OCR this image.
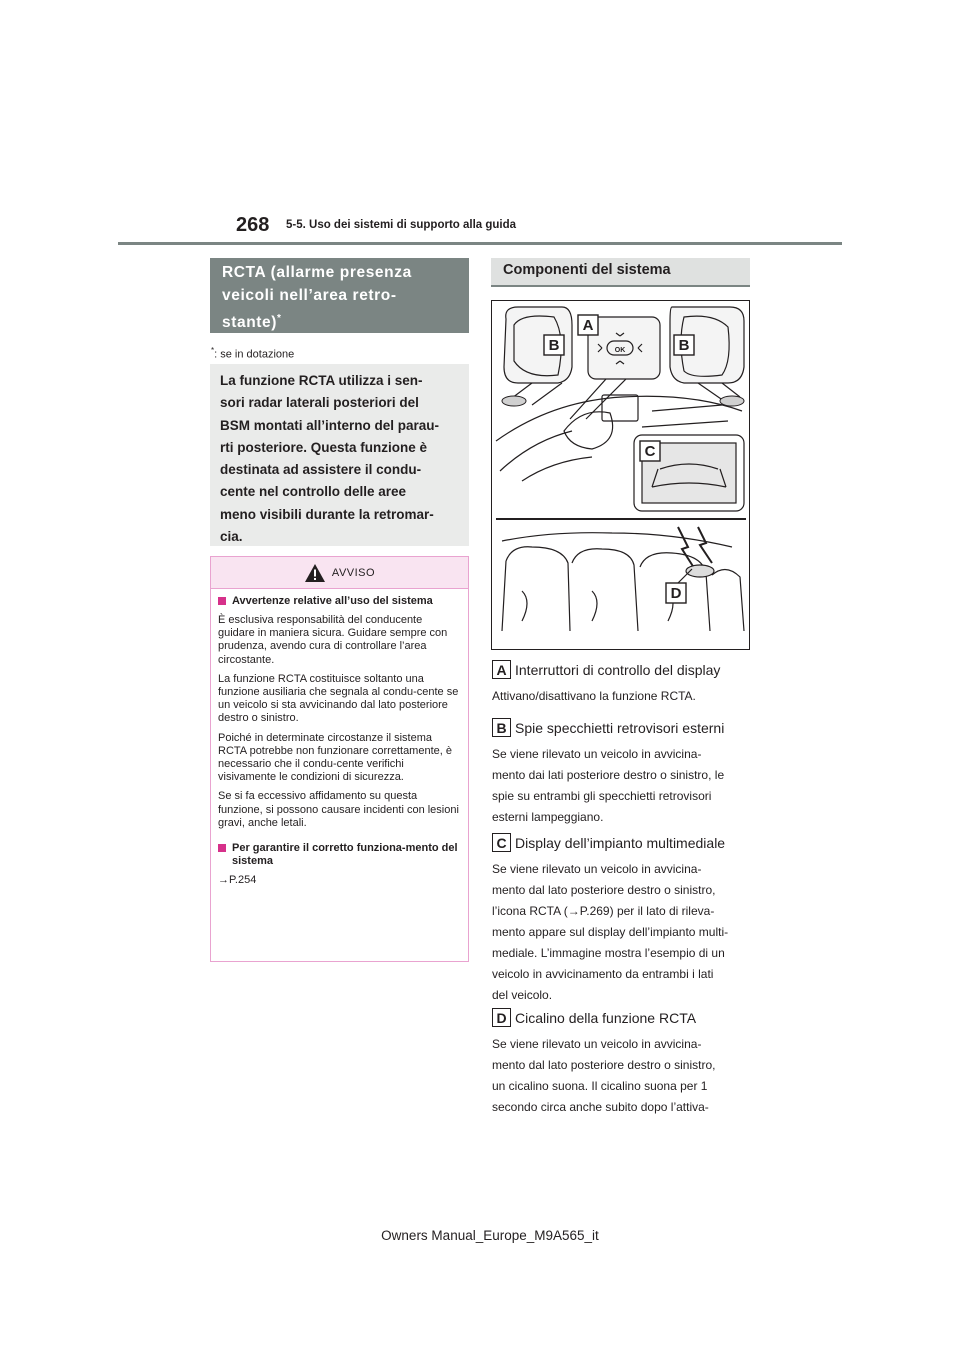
268 5-5. Uso dei sistemi di supporto alla guida
RCTA (allarme presenza
veicoli nell’area retro-
stante)*
*: se in dotazione

La funzione RCTA utilizza i sen-

sori radar laterali posteriori del

BSM montati all’interno del parau-

rti posteriore. Questa funzione è

destinata ad assistere il condu-

cente nel controllo delle aree

meno visibili durante la retromar-

cia.

AVVISO
Avvertenze relative all’uso del sistema

È esclusiva responsabilità del conducente guidare in maniera sicura. Guidare sempre con prudenza, avendo cura di controllare l’area circostante.

La funzione RCTA costituisce soltanto una funzione ausiliaria che segnala al condu-cente se un veicolo si sta avvicinando dal lato posteriore destro o sinistro.

Poiché in determinate circostanze il sistema RCTA potrebbe non funzionare correttamente, è necessario che il condu-cente verifichi visivamente le condizioni di sicurezza.

Se si fa eccessivo affidamento su questa funzione, si possono causare incidenti con lesioni gravi, anche letali.

Per garantire il corretto funziona-mento del sistema

→P.254

Componenti del sistema
A
B	B
C
D
OK
A Interruttori di controllo del display
Attivano/disattivano la funzione RCTA.
B Spie specchietti retrovisori esterni
Se viene rilevato un veicolo in avvicina-
mento dai lati posteriore destro o sinistro, le
spie su entrambi gli specchietti retrovisori
esterni lampeggiano.
C Display dell’impianto multimediale
Se viene rilevato un veicolo in avvicina-
mento dal lato posteriore destro o sinistro,
l’icona RCTA (→P.269) per il lato di rileva-
mento appare sul display dell’impianto multi-
mediale. L’immagine mostra l’esempio di un
veicolo in avvicinamento da entrambi i lati
del veicolo.
D Cicalino della funzione RCTA
Se viene rilevato un veicolo in avvicina-
mento dal lato posteriore destro o sinistro,
un cicalino suona. Il cicalino suona per 1
secondo circa anche subito dopo l’attiva-
Owners Manual_Europe_M9A565_it
